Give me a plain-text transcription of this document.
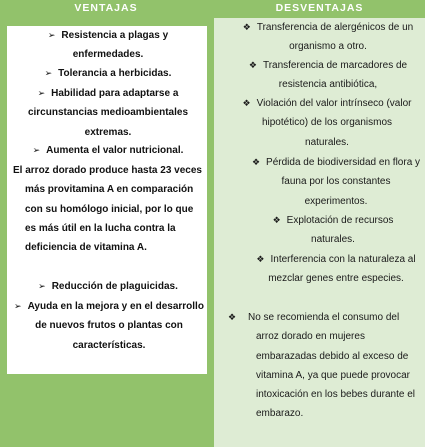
VENTAJAS	DESVENTAJAS
➢ Resistencia a plagas y enfermedades.
➢ Tolerancia a herbicidas.
➢ Habilidad para adaptarse a circunstancias medioambientales extremas.
➢ Aumenta el valor nutricional.
El arroz dorado produce hasta 23 veces más provitamina A en comparación con su homólogo inicial, por lo que es más útil en la lucha contra la deficiencia de vitamina A.
➢ Reducción de plaguicidas.
➢ Ayuda en la mejora y en el desarrollo de nuevos frutos o plantas con características.
❖ Transferencia de alergénicos de un organismo a otro.
❖ Transferencia de marcadores de resistencia antibiótica,
❖ Violación del valor intrínseco (valor hipotético) de los organismos naturales.
❖ Pérdida de biodiversidad en flora y fauna por los constantes experimentos.
❖ Explotación de recursos naturales.
❖ Interferencia con la naturaleza al mezclar genes entre especies.
❖ No se recomienda el consumo del arroz dorado en mujeres embarazadas debido al exceso de vitamina A, ya que puede provocar intoxicación en los bebes durante el embarazo.
